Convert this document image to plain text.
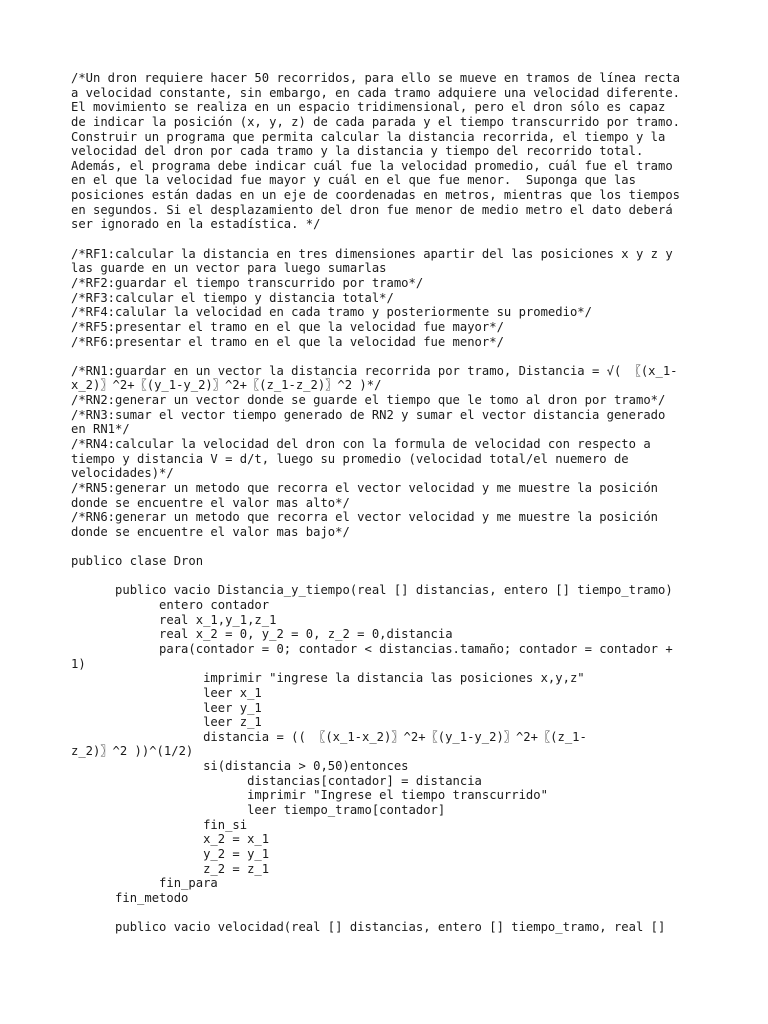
/*Un dron requiere hacer 50 recorridos, para ello se mueve en tramos de línea recta
a velocidad constante, sin embargo, en cada tramo adquiere una velocidad diferente.
El movimiento se realiza en un espacio tridimensional, pero el dron sólo es capaz
de indicar la posición (x, y, z) de cada parada y el tiempo transcurrido por tramo.
Construir un programa que permita calcular la distancia recorrida, el tiempo y la
velocidad del dron por cada tramo y la distancia y tiempo del recorrido total.
Además, el programa debe indicar cuál fue la velocidad promedio, cuál fue el tramo
en el que la velocidad fue mayor y cuál en el que fue menor.  Suponga que las
posiciones están dadas en un eje de coordenadas en metros, mientras que los tiempos
en segundos. Si el desplazamiento del dron fue menor de medio metro el dato deberá
ser ignorado en la estadística. */
/*RF1:calcular la distancia en tres dimensiones apartir del las posiciones x y z y
las guarde en un vector para luego sumarlas
/*RF2:guardar el tiempo transcurrido por tramo*/
/*RF3:calcular el tiempo y distancia total*/
/*RF4:calular la velocidad en cada tramo y posteriormente su promedio*/
/*RF5:presentar el tramo en el que la velocidad fue mayor*/
/*RF6:presentar el tramo en el que la velocidad fue menor*/
/*RN1:guardar en un vector la distancia recorrida por tramo, Distancia = √( 〖(x_1-
x_2)〗^2+〖(y_1-y_2)〗^2+〖(z_1-z_2)〗^2 )*/
/*RN2:generar un vector donde se guarde el tiempo que le tomo al dron por tramo*/
/*RN3:sumar el vector tiempo generado de RN2 y sumar el vector distancia generado
en RN1*/
/*RN4:calcular la velocidad del dron con la formula de velocidad con respecto a
tiempo y distancia V = d/t, luego su promedio (velocidad total/el nuemero de
velocidades)*/
/*RN5:generar un metodo que recorra el vector velocidad y me muestre la posición
donde se encuentre el valor mas alto*/
/*RN6:generar un metodo que recorra el vector velocidad y me muestre la posición
donde se encuentre el valor mas bajo*/
publico clase Dron
publico vacio Distancia_y_tiempo(real [] distancias, entero [] tiempo_tramo)
entero contador
real x_1,y_1,z_1
real x_2 = 0, y_2 = 0, z_2 = 0,distancia
para(contador = 0; contador < distancias.tamaño; contador = contador +
1)
imprimir "ingrese la distancia las posiciones x,y,z"
leer x_1
leer y_1
leer z_1
distancia = (( 〖(x_1-x_2)〗^2+〖(y_1-y_2)〗^2+〖(z_1-
z_2)〗^2 ))^(1/2)
si(distancia > 0,50)entonces
distancias[contador] = distancia
imprimir "Ingrese el tiempo transcurrido"
leer tiempo_tramo[contador]
fin_si
x_2 = x_1
y_2 = y_1
z_2 = z_1
fin_para
fin_metodo
publico vacio velocidad(real [] distancias, entero [] tiempo_tramo, real []
